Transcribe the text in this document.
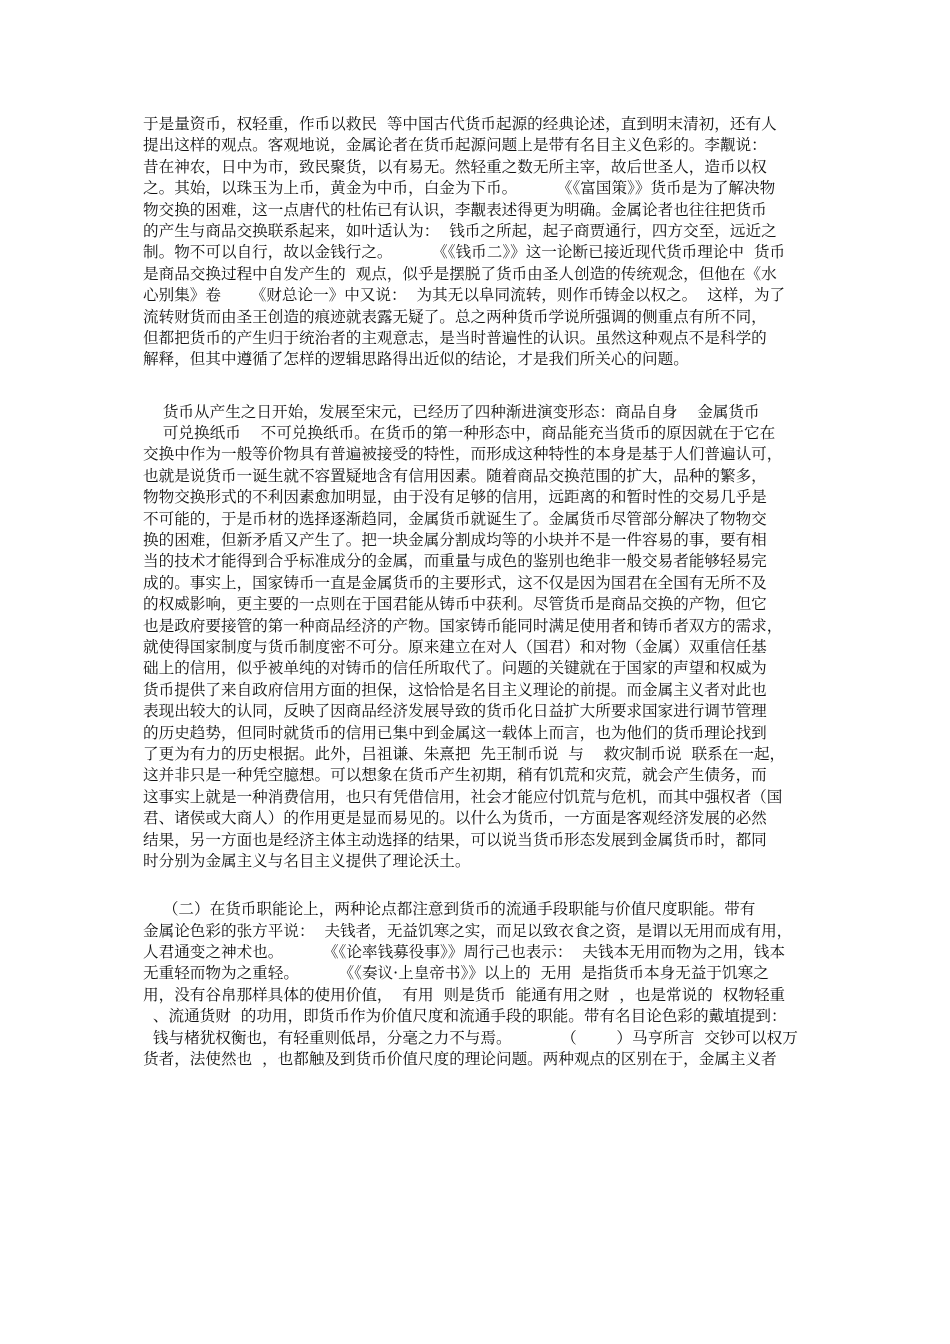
于是量资币，权轻重，作币以救民  等中国古代货币起源的经典论述，直到明末清初，还有人
提出这样的观点。客观地说，金属论者在货币起源问题上是带有名目主义色彩的。李觏说：
昔在神农，日中为市，致民聚货，以有易无。然轻重之数无所主宰，故后世圣人，造币以权
之。其始，以珠玉为上币，黄金为中币，白金为下币。        《《富国策》》货币是为了解决物
物交换的困难，这一点唐代的杜佑已有认识，李觏表述得更为明确。金属论者也往往把货币
的产生与商品交换联系起来，如叶适认为：  钱币之所起，起子商贾通行，四方交至，远近之
制。物不可以自行，故以金钱行之。        《《钱币二》》这一论断已接近现代货币理论中  货币
是商品交换过程中自发产生的  观点，似乎是摆脱了货币由圣人创造的传统观念，但他在《水
心别集》卷      《财总论一》中又说：  为其无以阜同流转，则作币铸金以权之。  这样，为了
流转财货而由圣王创造的痕迹就表露无疑了。总之两种货币学说所强调的侧重点有所不同，
但都把货币的产生归于统治者的主观意志，是当时普遍性的认识。虽然这种观点不是科学的
解释，但其中遵循了怎样的逻辑思路得出近似的结论，才是我们所关心的问题。
货币从产生之日开始，发展至宋元，已经历了四种渐进演变形态：商品自身    金属货币
可兑换纸币    不可兑换纸币。在货币的第一种形态中，商品能充当货币的原因就在于它在
交换中作为一般等价物具有普遍被接受的特性，而形成这种特性的本身是基于人们普遍认可，
也就是说货币一诞生就不容置疑地含有信用因素。随着商品交换范围的扩大，品种的繁多，
物物交换形式的不利因素愈加明显，由于没有足够的信用，远距离的和暂时性的交易几乎是
不可能的，于是币材的选择逐渐趋同，金属货币就诞生了。金属货币尽管部分解决了物物交
换的困难，但新矛盾又产生了。把一块金属分割成均等的小块并不是一件容易的事，要有相
当的技术才能得到合乎标准成分的金属，而重量与成色的鉴别也绝非一般交易者能够轻易完
成的。事实上，国家铸币一直是金属货币的主要形式，这不仅是因为国君在全国有无所不及
的权威影响，更主要的一点则在于国君能从铸币中获利。尽管货币是商品交换的产物，但它
也是政府要接管的第一种商品经济的产物。国家铸币能同时满足使用者和铸币者双方的需求，
就使得国家制度与货币制度密不可分。原来建立在对人（国君）和对物（金属）双重信任基
础上的信用，似乎被单纯的对铸币的信任所取代了。问题的关键就在于国家的声望和权威为
货币提供了来自政府信用方面的担保，这恰恰是名目主义理论的前提。而金属主义者对此也
表现出较大的认同，反映了因商品经济发展导致的货币化日益扩大所要求国家进行调节管理
的历史趋势，但同时就货币的信用已集中到金属这一载体上而言，也为他们的货币理论找到
了更为有力的历史根据。此外，吕祖谦、朱熹把  先王制币说  与    救灾制币说  联系在一起，
这并非只是一种凭空臆想。可以想象在货币产生初期，稍有饥荒和灾荒，就会产生债务，而
这事实上就是一种消费信用，也只有凭借信用，社会才能应付饥荒与危机，而其中强权者（国
君、诸侯或大商人）的作用更是显而易见的。以什么为货币，一方面是客观经济发展的必然
结果，另一方面也是经济主体主动选择的结果，可以说当货币形态发展到金属货币时，都同
时分别为金属主义与名目主义提供了理论沃土。
（二）在货币职能论上，两种论点都注意到货币的流通手段职能与价值尺度职能。带有
金属论色彩的张方平说：  夫钱者，无益饥寒之实，而足以致衣食之资，是谓以无用而成有用，
人君通变之神术也。        《《论率钱募役事》》周行己也表示：  夫钱本无用而物为之用，钱本
无重轻而物为之重轻。        《《奏议·上皇帝书》》以上的  无用  是指货币本身无益于饥寒之
用，没有谷帛那样具体的使用价值，  有用  则是货币  能通有用之财  ，也是常说的  权物轻重
、流通货财  的功用，即货币作为价值尺度和流通手段的职能。带有名目论色彩的戴埴提到：
钱与楮犹权衡也，有轻重则低昂，分毫之力不与焉。          （        ）马亨所言  交钞可以权万
货者，法使然也  ，也都触及到货币价值尺度的理论问题。两种观点的区别在于，金属主义者
